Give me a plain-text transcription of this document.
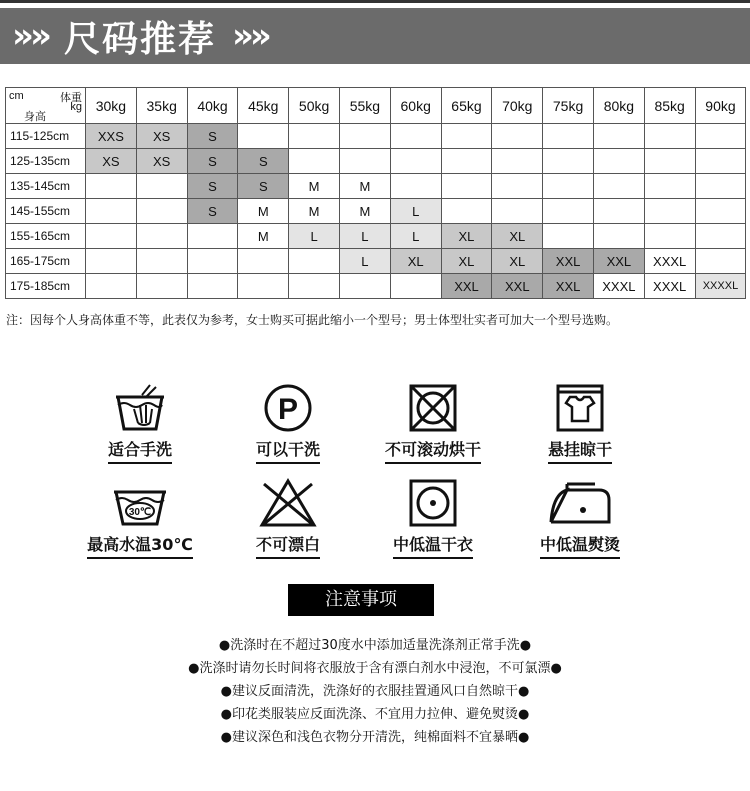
»» 尺码推荐 »»
cm 体重
kg
身高	30kg	35kg	40kg	45kg	50kg	55kg	60kg	65kg	70kg	75kg	80kg	85kg	90kg
115-125cm	XXS	XS	S										
125-135cm	XS	XS	S	S									
135-145cm			S	S	M	M							
145-155cm			S	M	M	M	L						
155-165cm				M	L	L	L	XL	XL				
165-175cm						L	XL	XL	XL	XXL	XXL	XXXL	
175-185cm								XXL	XXL	XXL	XXXL	XXXL	XXXXL
注：因每个人身高体重不等，此表仅为参考，女士购买可据此缩小一个型号；男士体型壮实者可加大一个型号选购。
适合手洗
P
可以干洗	不可滚动烘干	悬挂晾干
30℃
最高水温30℃	不可漂白	中低温干衣	中低温熨烫
注意事项
●洗涤时在不超过30度水中添加适量洗涤剂正常手洗●
●洗涤时请勿长时间将衣服放于含有漂白剂水中浸泡，不可氯漂●
●建议反面清洗，洗涤好的衣服挂置通风口自然晾干●
●印花类服装应反面洗涤、不宜用力拉伸、避免熨烫●
●建议深色和浅色衣物分开清洗，纯棉面料不宜暴晒●
